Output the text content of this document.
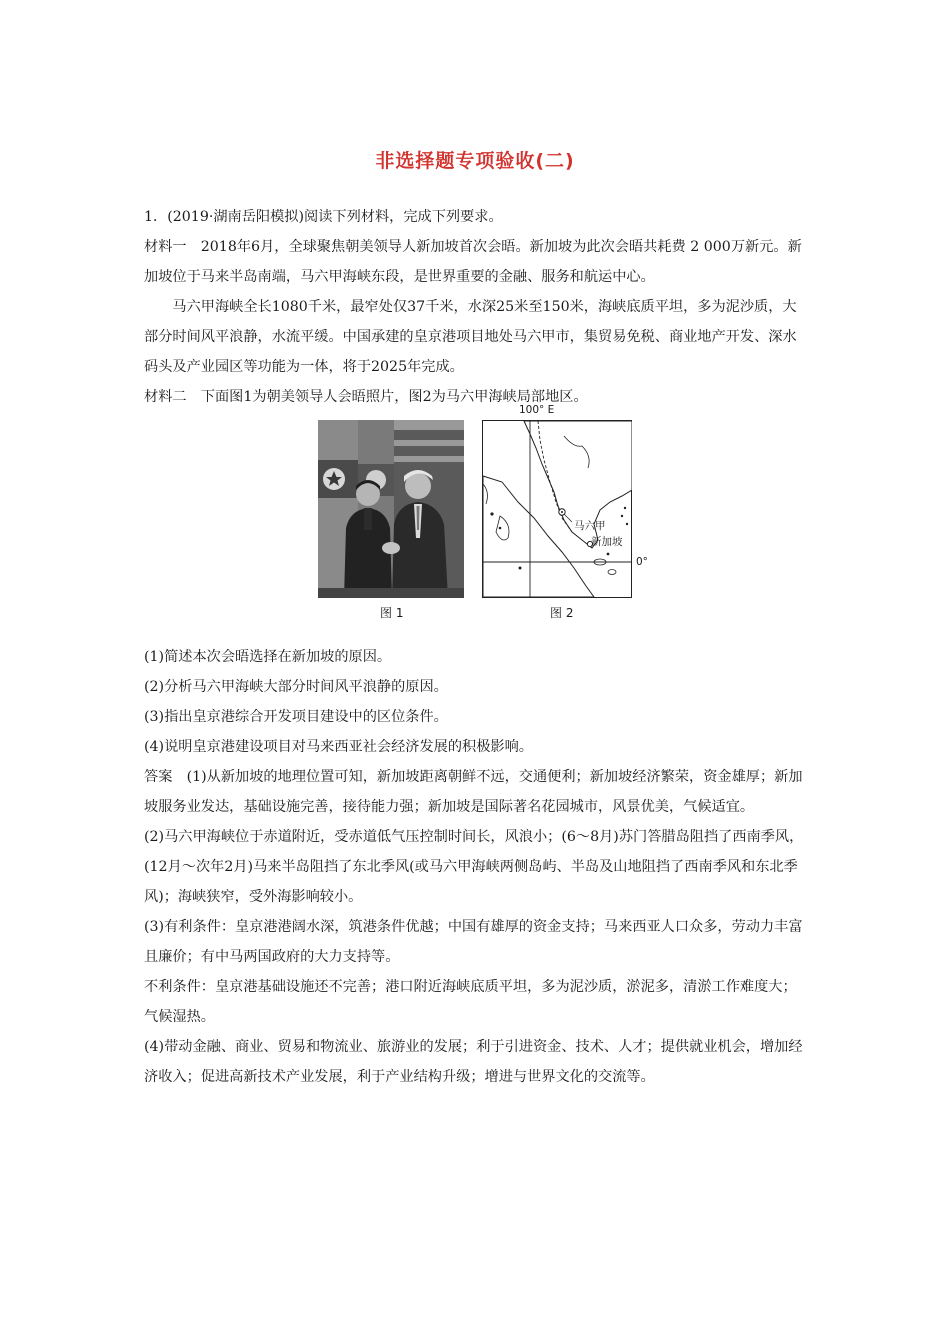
非选择题专项验收(二)

1．(2019·湖南岳阳模拟)阅读下列材料，完成下列要求。

材料一　2018年6月，全球聚焦朝美领导人新加坡首次会晤。新加坡为此次会晤共耗费 2 000万新元。新加坡位于马来半岛南端，马六甲海峡东段，是世界重要的金融、服务和航运中心。

马六甲海峡全长1080千米，最窄处仅37千米，水深25米至150米，海峡底质平坦，多为泥沙质，大部分时间风平浪静，水流平缓。中国承建的皇京港项目地处马六甲市，集贸易免税、商业地产开发、深水码头及产业园区等功能为一体，将于2025年完成。

材料二　下面图1为朝美领导人会晤照片，图2为马六甲海峡局部地区。

100° E
0°
马六甲
新加坡
图 1	图 2

(1)简述本次会晤选择在新加坡的原因。

(2)分析马六甲海峡大部分时间风平浪静的原因。

(3)指出皇京港综合开发项目建设中的区位条件。

(4)说明皇京港建设项目对马来西亚社会经济发展的积极影响。

答案　(1)从新加坡的地理位置可知，新加坡距离朝鲜不远，交通便利；新加坡经济繁荣，资金雄厚；新加坡服务业发达，基础设施完善，接待能力强；新加坡是国际著名花园城市，风景优美，气候适宜。

(2)马六甲海峡位于赤道附近，受赤道低气压控制时间长，风浪小；(6～8月)苏门答腊岛阻挡了西南季风，(12月～次年2月)马来半岛阻挡了东北季风(或马六甲海峡两侧岛屿、半岛及山地阻挡了西南季风和东北季风)；海峡狭窄，受外海影响较小。

(3)有利条件：皇京港港阔水深，筑港条件优越；中国有雄厚的资金支持；马来西亚人口众多，劳动力丰富且廉价；有中马两国政府的大力支持等。

不利条件：皇京港基础设施还不完善；港口附近海峡底质平坦，多为泥沙质，淤泥多，清淤工作难度大；气候湿热。

(4)带动金融、商业、贸易和物流业、旅游业的发展；利于引进资金、技术、人才；提供就业机会，增加经济收入；促进高新技术产业发展，利于产业结构升级；增进与世界文化的交流等。
